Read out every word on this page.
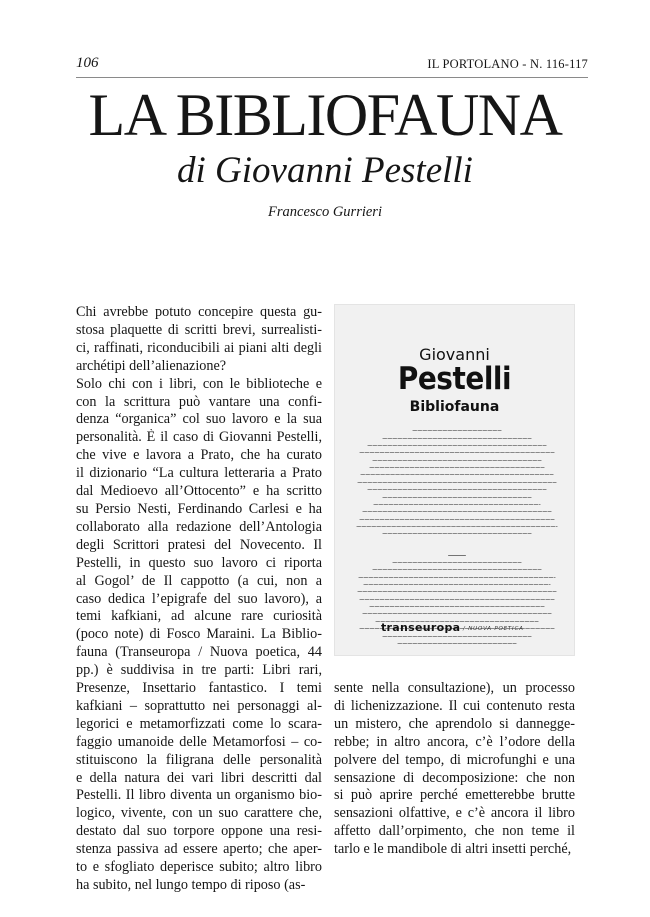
106	IL PORTOLANO - N. 116-117
LA BIBLIOFAUNA
di Giovanni Pestelli
Francesco Gurrieri
Chi avrebbe potuto concepire questa gu-
stosa plaquette di scritti brevi, surrealisti-
ci, raffinati, riconducibili ai piani alti degli
archétipi dell’alienazione?
Solo chi con i libri, con le biblioteche e
con la scrittura può vantare una confi-
denza “organica” col suo lavoro e la sua
personalità. È il caso di Giovanni Pestelli,
che vive e lavora a Prato, che ha curato
il dizionario “La cultura letteraria a Prato
dal Medioevo all’Ottocento” e ha scritto
su Persio Nesti, Ferdinando Carlesi e ha
collaborato alla redazione dell’Antologia
degli Scrittori pratesi del Novecento. Il
Pestelli, in questo suo lavoro ci riporta
al Gogol’ de Il cappotto (a cui, non a
caso dedica l’epigrafe del suo lavoro), a
temi kafkiani, ad alcune rare curiosità
(poco note) di Fosco Maraini. La Biblio-
fauna (Transeuropa / Nuova poetica, 44
pp.) è suddivisa in tre parti: Libri rari,
Presenze, Insettario fantastico. I temi
kafkiani – soprattutto nei personaggi al-
legorici e metamorfizzati come lo scara-
faggio umanoide delle Metamorfosi – co-
stituiscono la filigrana delle personalità
e della natura dei vari libri descritti dal
Pestelli. Il libro diventa un organismo bio-
logico, vivente, con un suo carattere che,
destato dal suo torpore oppone una resi-
stenza passiva ad essere aperto; che aper-
to e sfogliato deperisce subito; altro libro
ha subito, nel lungo tempo di riposo (as-
Giovanni
Pestelli
Bibliofauna
transeuropa / NUOVA POETICA
sente nella consultazione), un processo
di lichenizzazione. Il cui contenuto resta
un mistero, che aprendolo si danneggе-
rebbe; in altro ancora, c’è l’odore della
polvere del tempo, di microfunghi e una
sensazione di decomposizione: che non
si può aprire perché emetterebbe brutte
sensazioni olfattive, e c’è ancora il libro
affetto dall’orpimento, che non teme il
tarlo e le mandibole di altri insetti perché,
